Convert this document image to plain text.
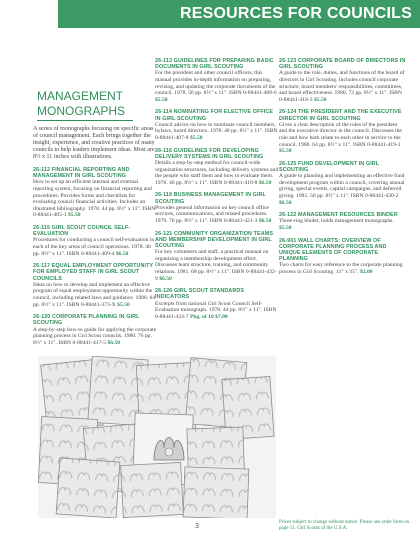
RESOURCES FOR COUNCILS
MANAGEMENT
MONOGRAPHS
A series of monographs focusing on specific areas of council management. Each brings together the insight, experience, and creative practices of many councils to help leaders implement ideas. Most are 8½ x 11 inches with illustrations.
26-112 FINANCIAL REPORTING AND MANAGEMENT IN GIRL SCOUTING
How to set up an efficient internal and external reporting system, focusing on financial reporting and procedures. Provides forms and checklists for evaluating council financial activities. Includes an illustrated bibliography. 1978. 44 pp. 8½" x 11". ISBN 0-88441-405-1 $5.50
26-115 GIRL SCOUT COUNCIL SELF-EVALUATION
Procedures for conducting a council self-evaluation in each of the key areas of council operations. 1978. 40 pp. 8½" x 11". ISBN 0-88441-409-4 $6.50
26-117 EQUAL EMPLOYMENT OPPORTUNITY FOR EMPLOYED STAFF IN GIRL SCOUT COUNCILS
Ideas on how to develop and implement an effective program of equal employment opportunity within the council, including related laws and guidance. 1980. 64 pp. 8½" x 11". ISBN 0-88441-373-X $5.50
26-120 CORPORATE PLANNING IN GIRL SCOUTING
A step-by-step how-to guide for applying the corporate planning process in Girl Scout councils. 1980. 76 pp. 8½" x 11". ISBN 0-88441-417-5 $6.50
26-113 GUIDELINES FOR PREPARING BASIC DOCUMENTS IN GIRL SCOUTING
For the president and other council officers, this manual provides in-depth information on preparing, revising, and updating the corporate documents of the council. 1978. 56 pp. 8½" x 11". ISBN 0-88441-408-6 $5.50
26-114 NOMINATING FOR ELECTIVE OFFICE IN GIRL SCOUTING
Council advice on how to nominate council members, bylaws, board directors. 1978. 48 pp. 8½" x 11". ISBN 0-88441-407-8 $5.50
26-116 GUIDELINES FOR DEVELOPING DELIVERY SYSTEMS IN GIRL SCOUTING
Details a step-by-step method for council-wide organization structures, including delivery systems and the people who staff them and how to evaluate them. 1978. 46 pp. 8½" x 11". ISBN 0-88441-410-8 $6.50
26-119 BUSINESS MANAGEMENT IN GIRL SCOUTING
Provides general information on key council office services, communications, and related procedures. 1979. 76 pp. 8½" x 11". ISBN 0-88441-421-3 $6.50
26-121 COMMUNITY ORGANIZATION TEAMS AND MEMBERSHIP DEVELOPMENT IN GIRL SCOUTING
For key volunteers and staff, a practical manual on organizing a membership development effort. Discusses team structure, training, and community relations. 1981. 68 pp. 8½" x 11". ISBN 0-88441-432-9 $6.50
26-126 GIRL SCOUT STANDARDS INDICATORS
Excerpts from national Girl Scout Council Self-Evaluation monograph. 1978. 44 pp. 8½" x 11". ISBN 0-88441-433-7 Pkg. of 10 $7.00
26-123 CORPORATE BOARD OF DIRECTORS IN GIRL SCOUTING
A guide to the role, duties, and functions of the board of directors in Girl Scouting. Includes council corporate structure, board members' responsibilities, committees, and board effectiveness. 1980. 72 pp. 8½" x 11". ISBN 0-88441-418-3 $5.50
26-124 THE PRESIDENT AND THE EXECUTIVE DIRECTOR IN GIRL SCOUTING
Gives a clear description of the roles of the president and the executive director in the council. Discusses the role and how both relate to each other in service to the council. 1980. 64 pp. 8½" x 11". ISBN 0-88441-419-1 $5.50
26-125 FUND DEVELOPMENT IN GIRL SCOUTING
A guide to planning and implementing an effective fund development program within a council, covering annual giving, special events, capital campaigns, and deferred giving. 1981. 56 pp. 8½" x 11". ISBN 0-88441-430-2 $6.50
26-122 MANAGEMENT RESOURCES BINDER
Three-ring binder, holds management monographs. $5.50
26-901 WALL CHARTS: OVERVIEW OF CORPORATE PLANNING PROCESS AND UNIQUE ELEMENTS OF CORPORATE PLANNING
Two charts for easy reference to the corporate planning process in Girl Scouting. 11" x 35". $2.00
3
Prices subject to change without notice. Please see order form on page 51. Girl Scouts of the U.S.A.
